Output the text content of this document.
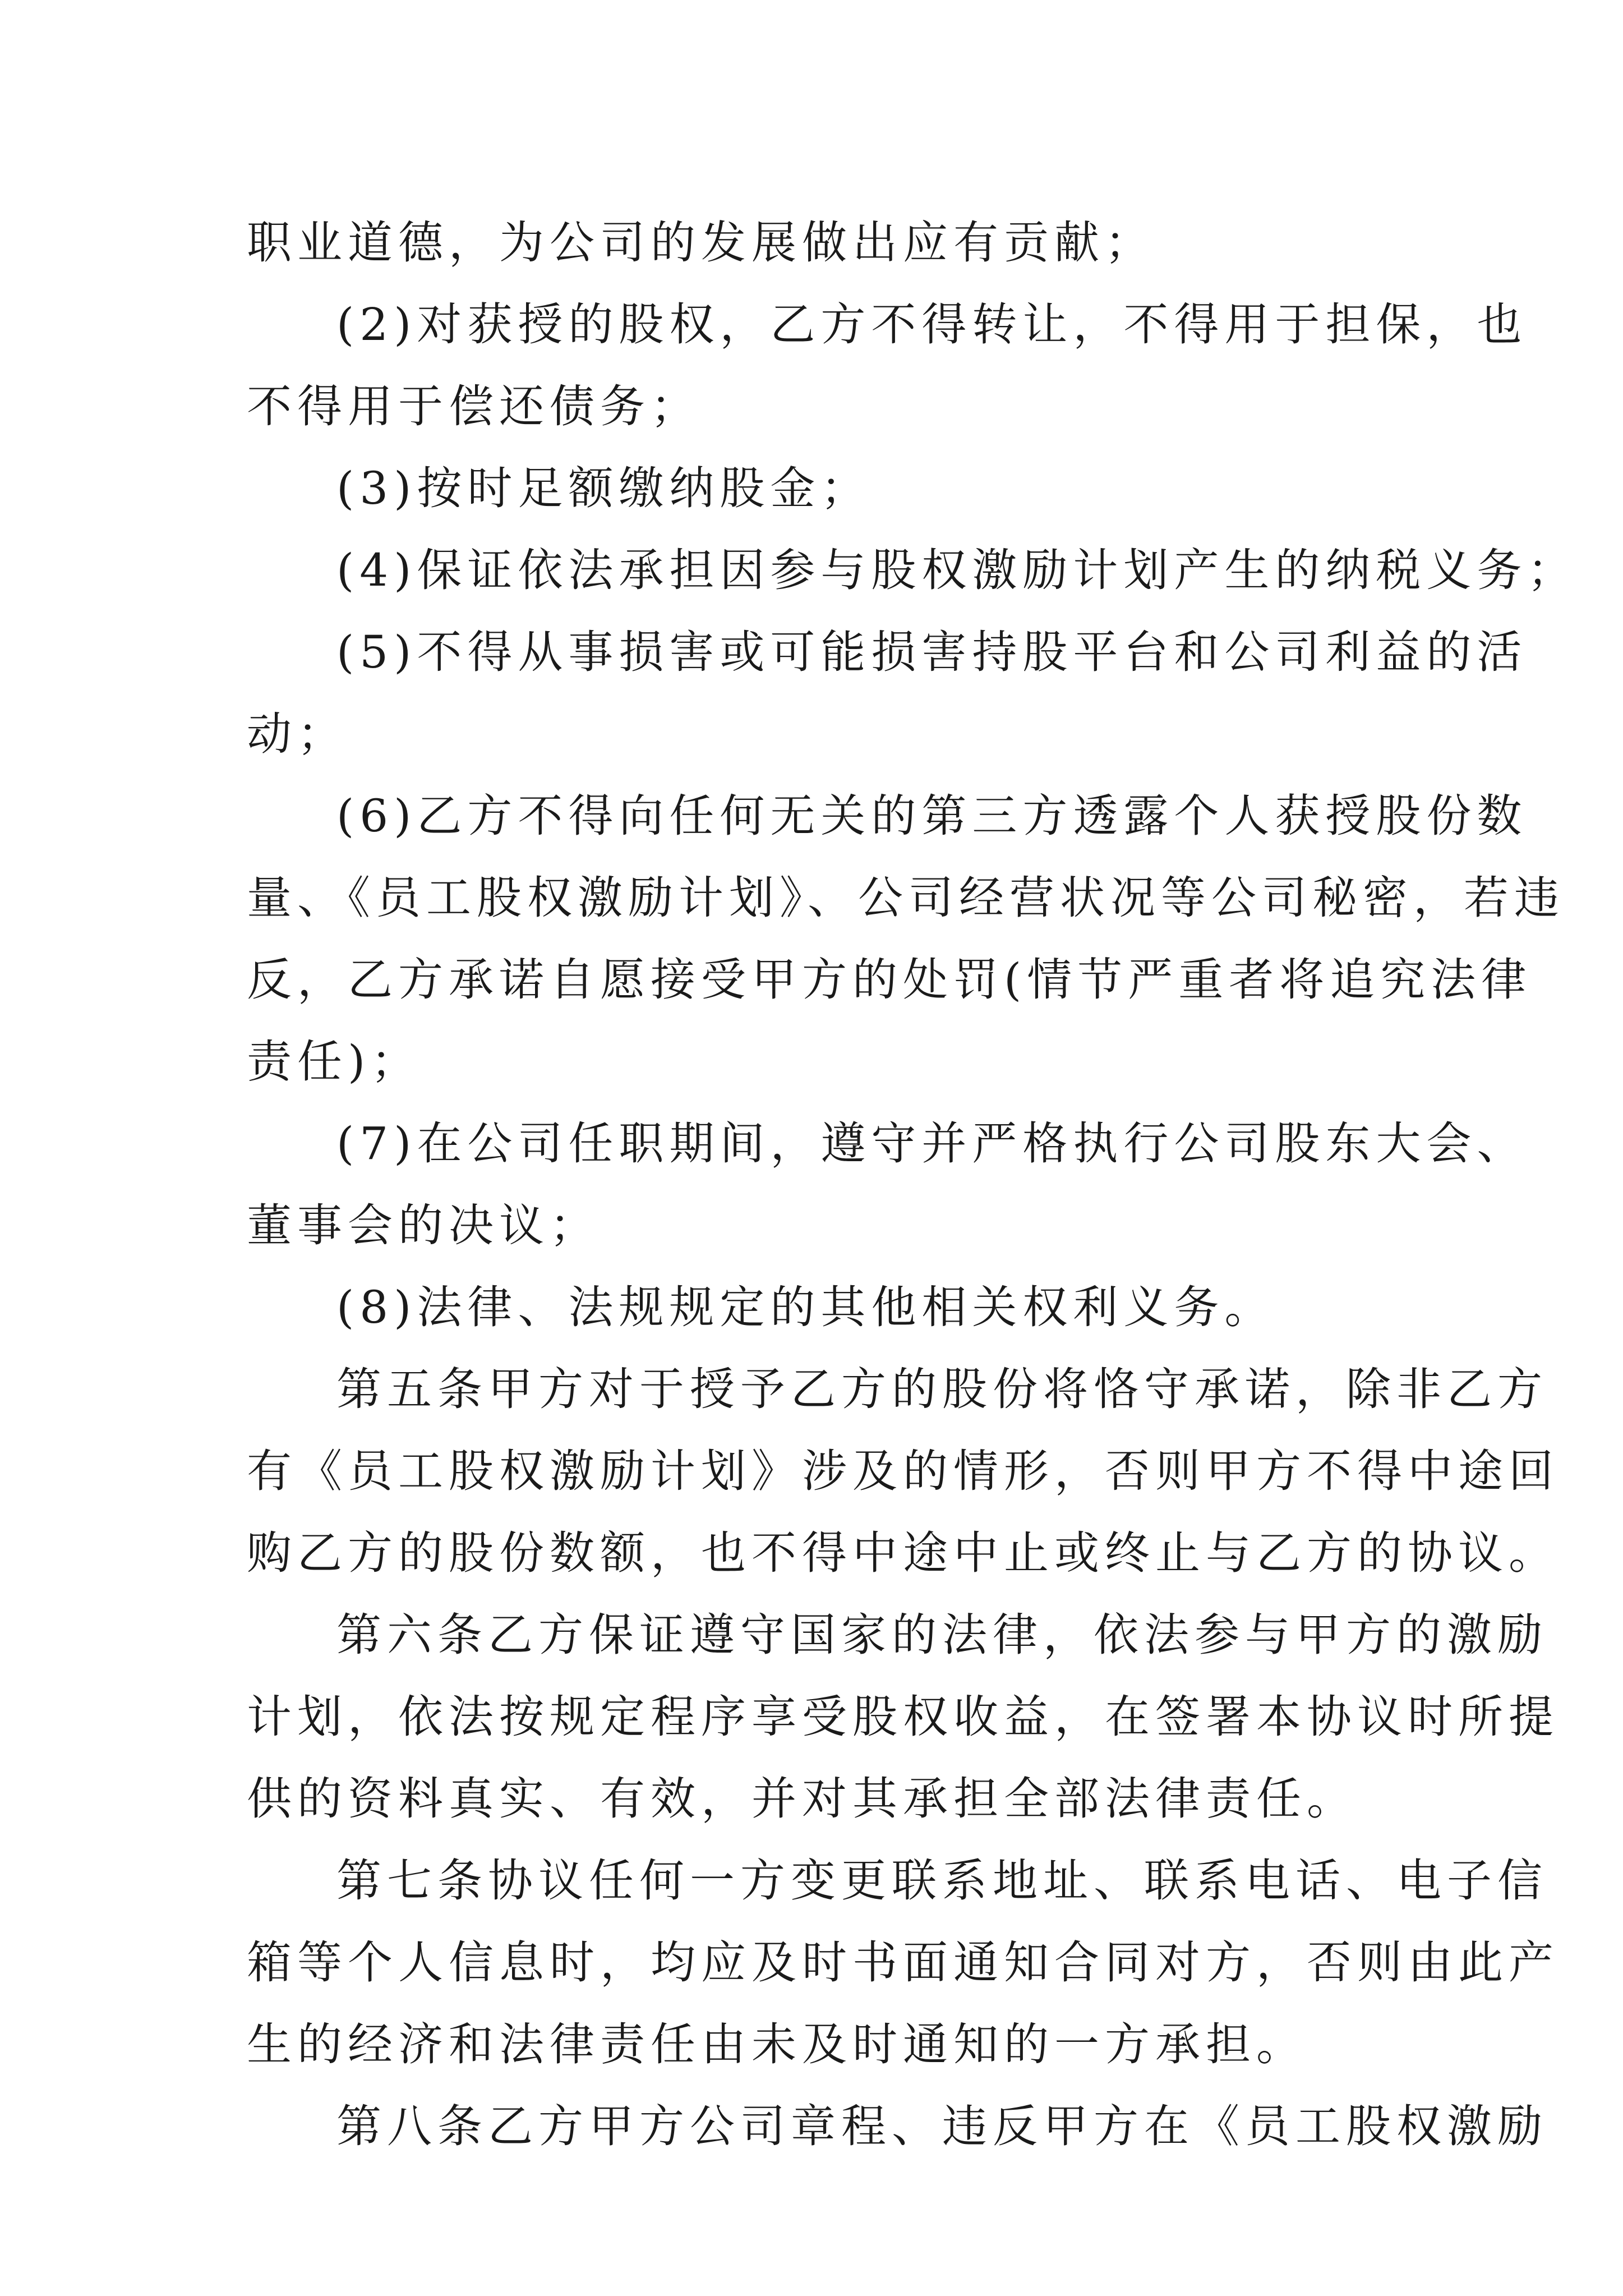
职业道德，为公司的发展做出应有贡献；
(2)对获授的股权，乙方不得转让，不得用于担保，也
不得用于偿还债务；
(3)按时足额缴纳股金；
(4)保证依法承担因参与股权激励计划产生的纳税义务；
(5)不得从事损害或可能损害持股平台和公司利益的活
动；
(6)乙方不得向任何无关的第三方透露个人获授股份数
量、《员工股权激励计划》、公司经营状况等公司秘密，若违
反，乙方承诺自愿接受甲方的处罚(情节严重者将追究法律
责任)；
(7)在公司任职期间，遵守并严格执行公司股东大会、
董事会的决议；
(8)法律、法规规定的其他相关权利义务。
第五条甲方对于授予乙方的股份将恪守承诺，除非乙方
有《员工股权激励计划》涉及的情形，否则甲方不得中途回
购乙方的股份数额，也不得中途中止或终止与乙方的协议。
第六条乙方保证遵守国家的法律，依法参与甲方的激励
计划，依法按规定程序享受股权收益，在签署本协议时所提
供的资料真实、有效，并对其承担全部法律责任。
第七条协议任何一方变更联系地址、联系电话、电子信
箱等个人信息时，均应及时书面通知合同对方，否则由此产
生的经济和法律责任由未及时通知的一方承担。
第八条乙方甲方公司章程、违反甲方在《员工股权激励
